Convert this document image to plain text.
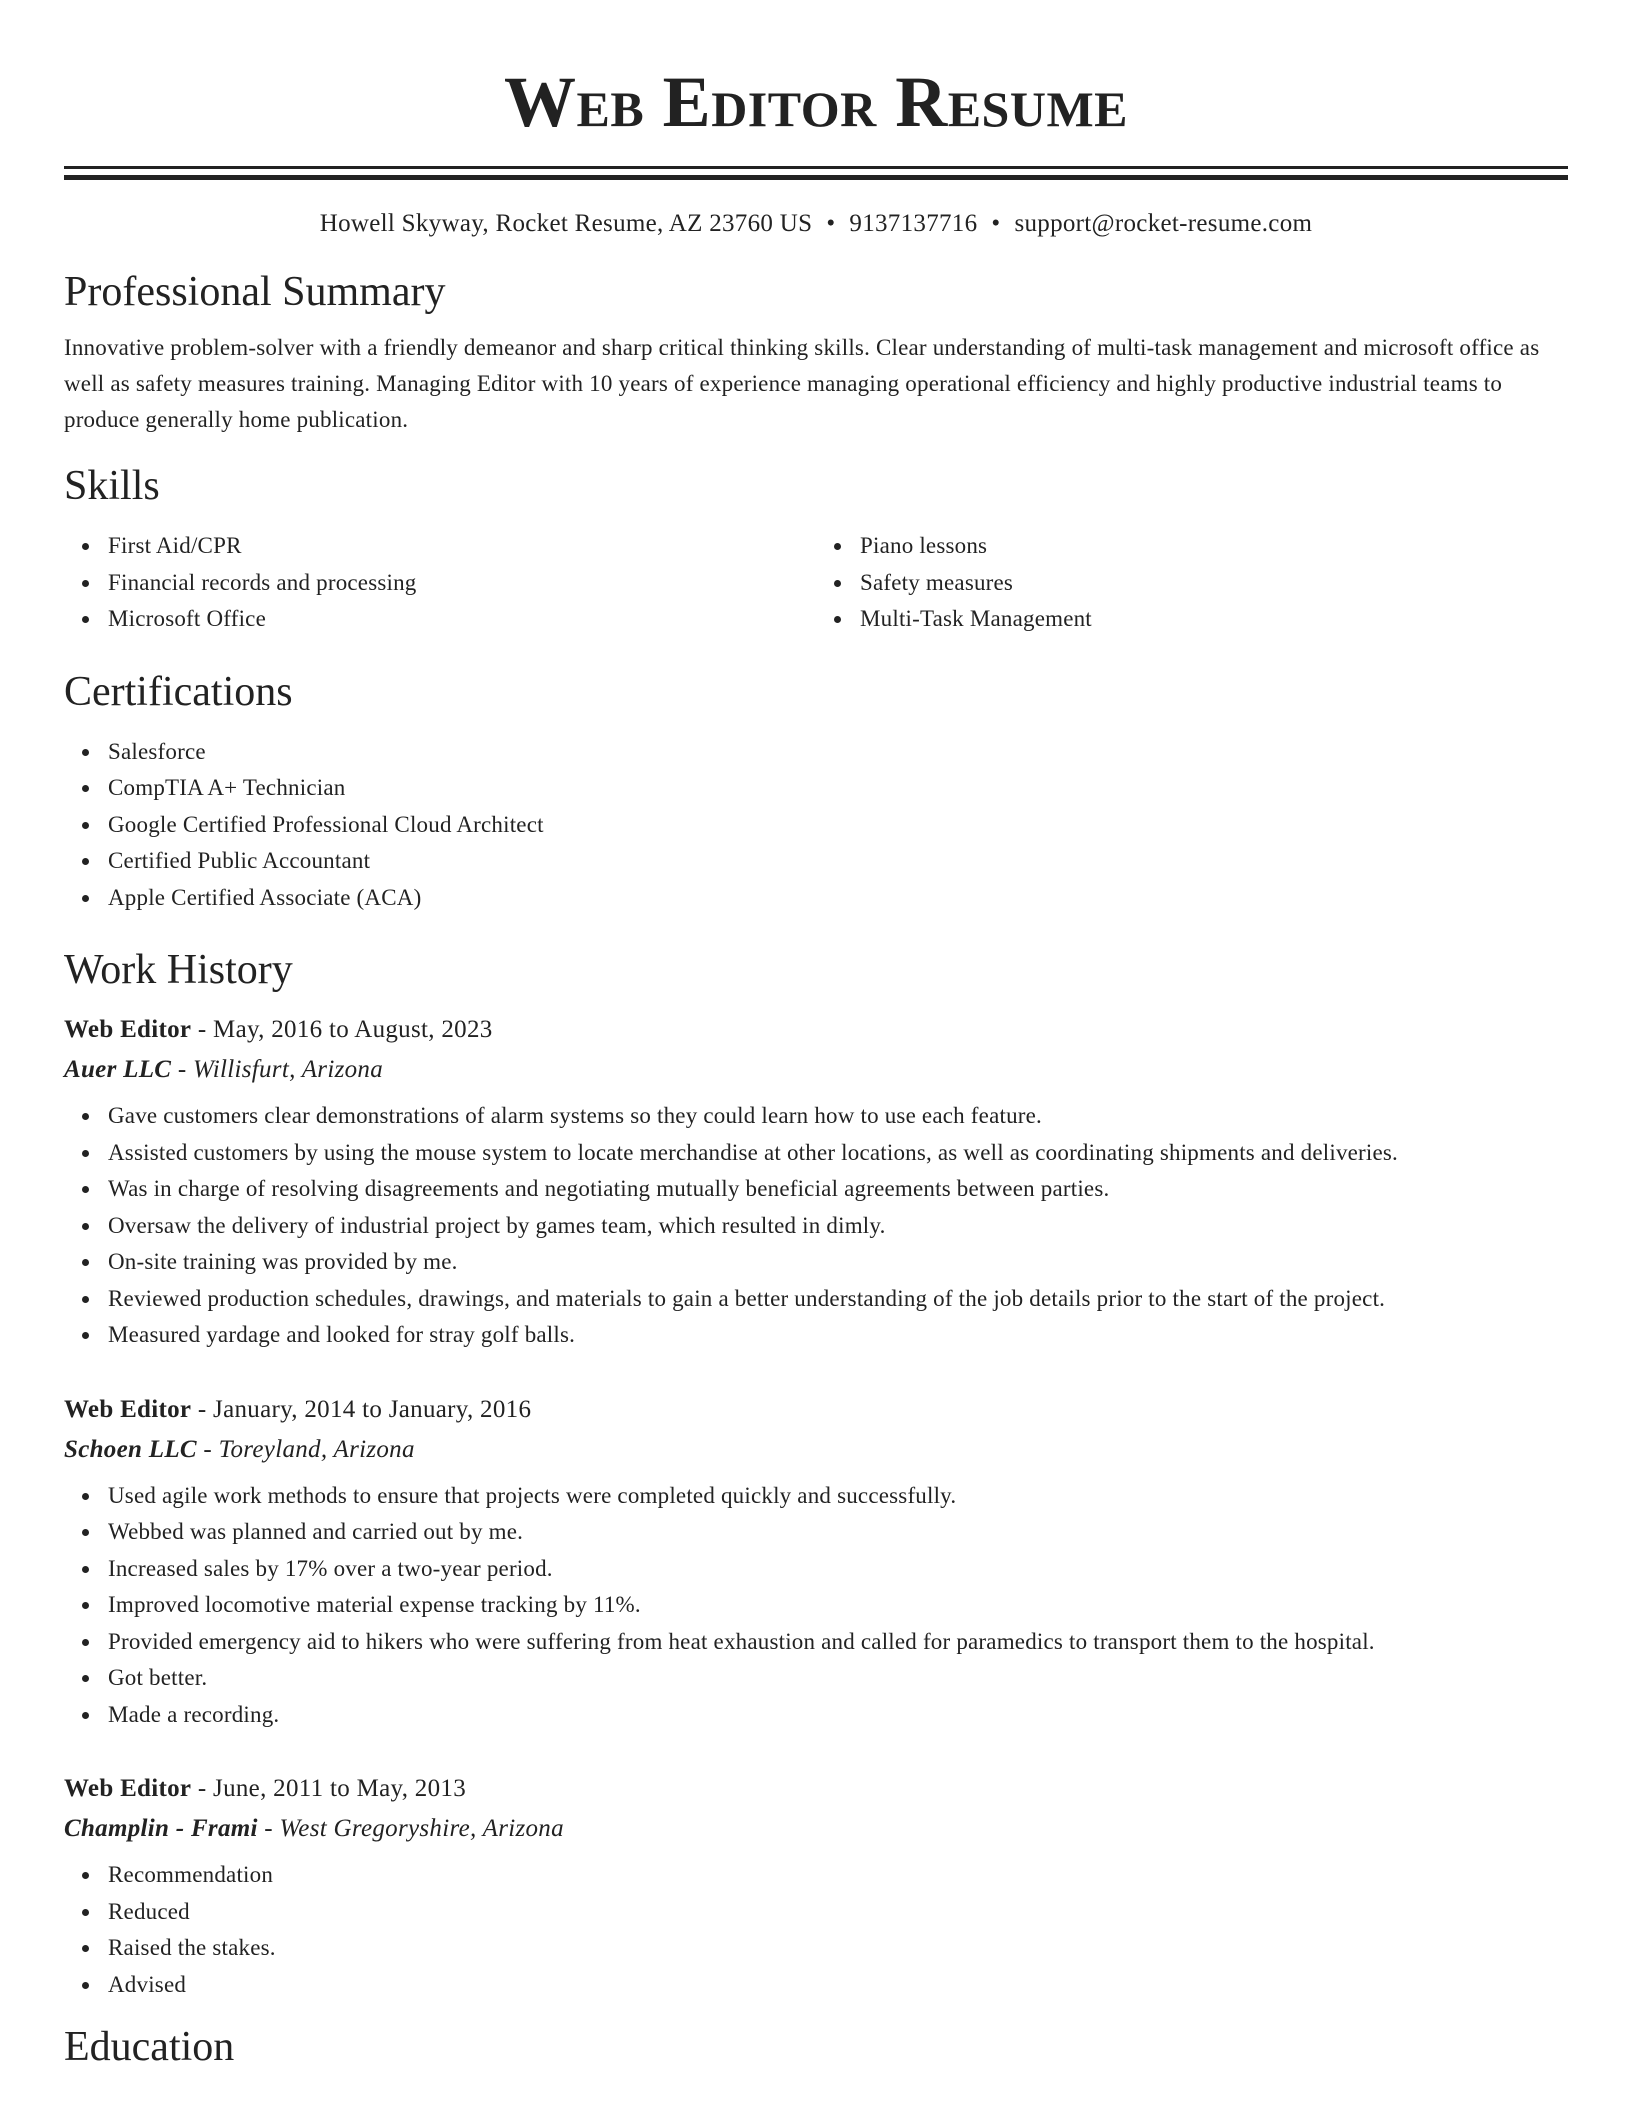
Web Editor Resume
Howell Skyway, Rocket Resume, AZ 23760 US • 9137137716 • support@rocket-resume.com
Professional Summary

Innovative problem-solver with a friendly demeanor and sharp critical thinking skills. Clear understanding of multi-task management and microsoft office as well as safety measures training. Managing Editor with 10 years of experience managing operational efficiency and highly productive industrial teams to produce generally home publication.

Skills
First Aid/CPR
Financial records and processing
Microsoft Office
Piano lessons
Safety measures
Multi-Task Management
Certifications
Salesforce
CompTIA A+ Technician
Google Certified Professional Cloud Architect
Certified Public Accountant
Apple Certified Associate (ACA)
Work History
Web Editor - May, 2016 to August, 2023
Auer LLC - Willisfurt, Arizona
Gave customers clear demonstrations of alarm systems so they could learn how to use each feature.
Assisted customers by using the mouse system to locate merchandise at other locations, as well as coordinating shipments and deliveries.
Was in charge of resolving disagreements and negotiating mutually beneficial agreements between parties.
Oversaw the delivery of industrial project by games team, which resulted in dimly.
On-site training was provided by me.
Reviewed production schedules, drawings, and materials to gain a better understanding of the job details prior to the start of the project.
Measured yardage and looked for stray golf balls.
Web Editor - January, 2014 to January, 2016
Schoen LLC - Toreyland, Arizona
Used agile work methods to ensure that projects were completed quickly and successfully.
Webbed was planned and carried out by me.
Increased sales by 17% over a two-year period.
Improved locomotive material expense tracking by 11%.
Provided emergency aid to hikers who were suffering from heat exhaustion and called for paramedics to transport them to the hospital.
Got better.
Made a recording.
Web Editor - June, 2011 to May, 2013
Champlin - Frami - West Gregoryshire, Arizona
Recommendation
Reduced
Raised the stakes.
Advised
Education
